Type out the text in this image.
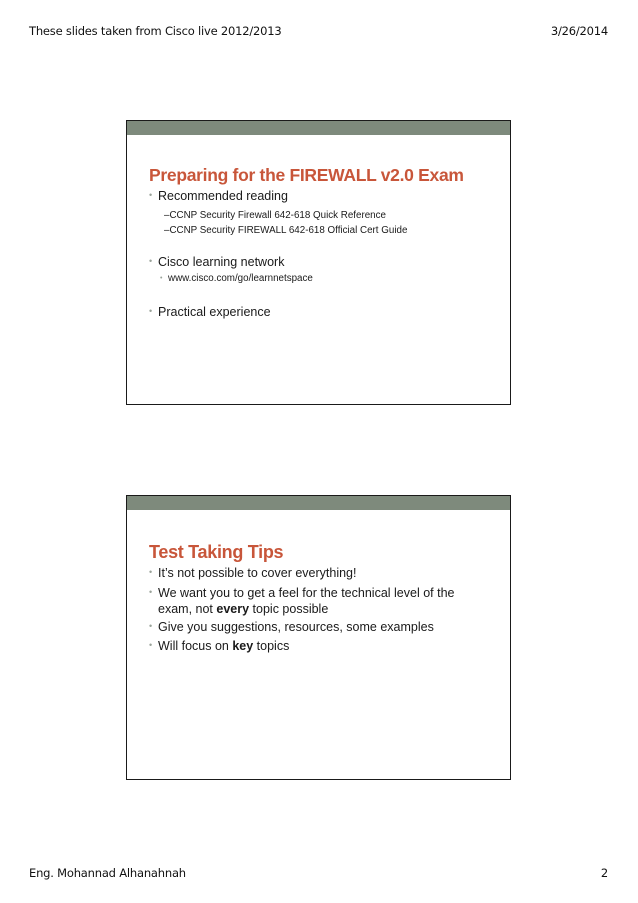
These slides taken from Cisco live 2012/2013	3/26/2014
Preparing for the FIREWALL v2.0 Exam
• Recommended reading
–CCNP Security Firewall 642-618 Quick Reference
–CCNP Security FIREWALL 642-618 Official Cert Guide
• Cisco learning network
• www.cisco.com/go/learnnetspace
• Practical experience
Test Taking Tips
• It’s not possible to cover everything!
• We want you to get a feel for the technical level of the
exam, not every topic possible
• Give you suggestions, resources, some examples
• Will focus on key topics
Eng. Mohannad Alhanahnah	2
